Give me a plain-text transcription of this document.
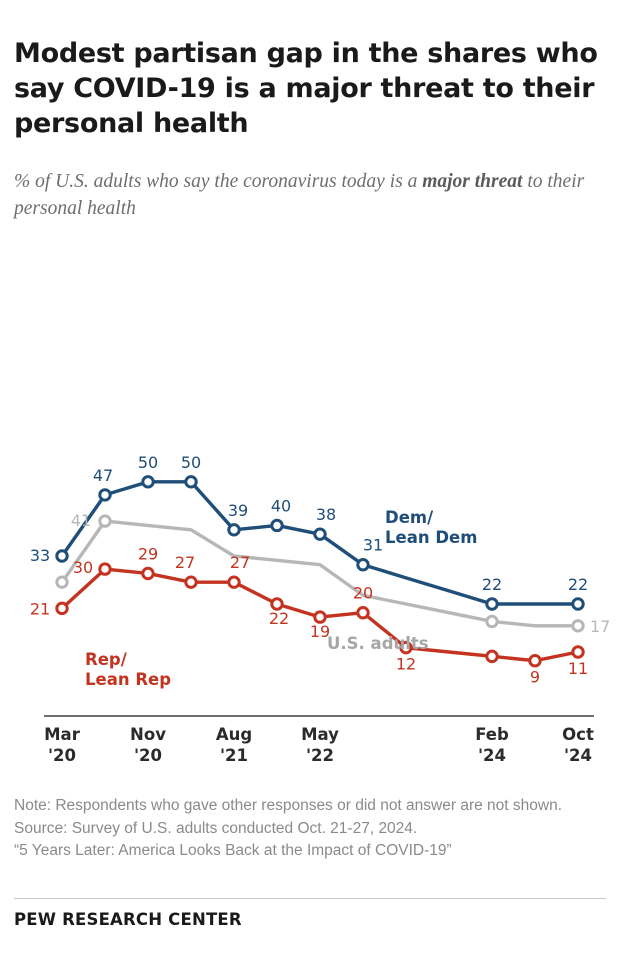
Modest partisan gap in the shares who say COVID-19 is a major threat to their personal health
% of U.S. adults who say the coronavirus today is a major threat to their personal health
33
47
50 50
39 40 38
31
22	22
41
21
30
29 27 27
22
19
20
12
9 11
17
Dem/
Lean Dem
Rep/
Lean Rep
U.S. adults
Mar
'20
Nov
'20
Aug
'21
May
'22
Feb
'24
Oct
'24
Note: Respondents who gave other responses or did not answer are not shown.
Source: Survey of U.S. adults conducted Oct. 21-27, 2024.
“5 Years Later: America Looks Back at the Impact of COVID-19”
PEW RESEARCH CENTER
